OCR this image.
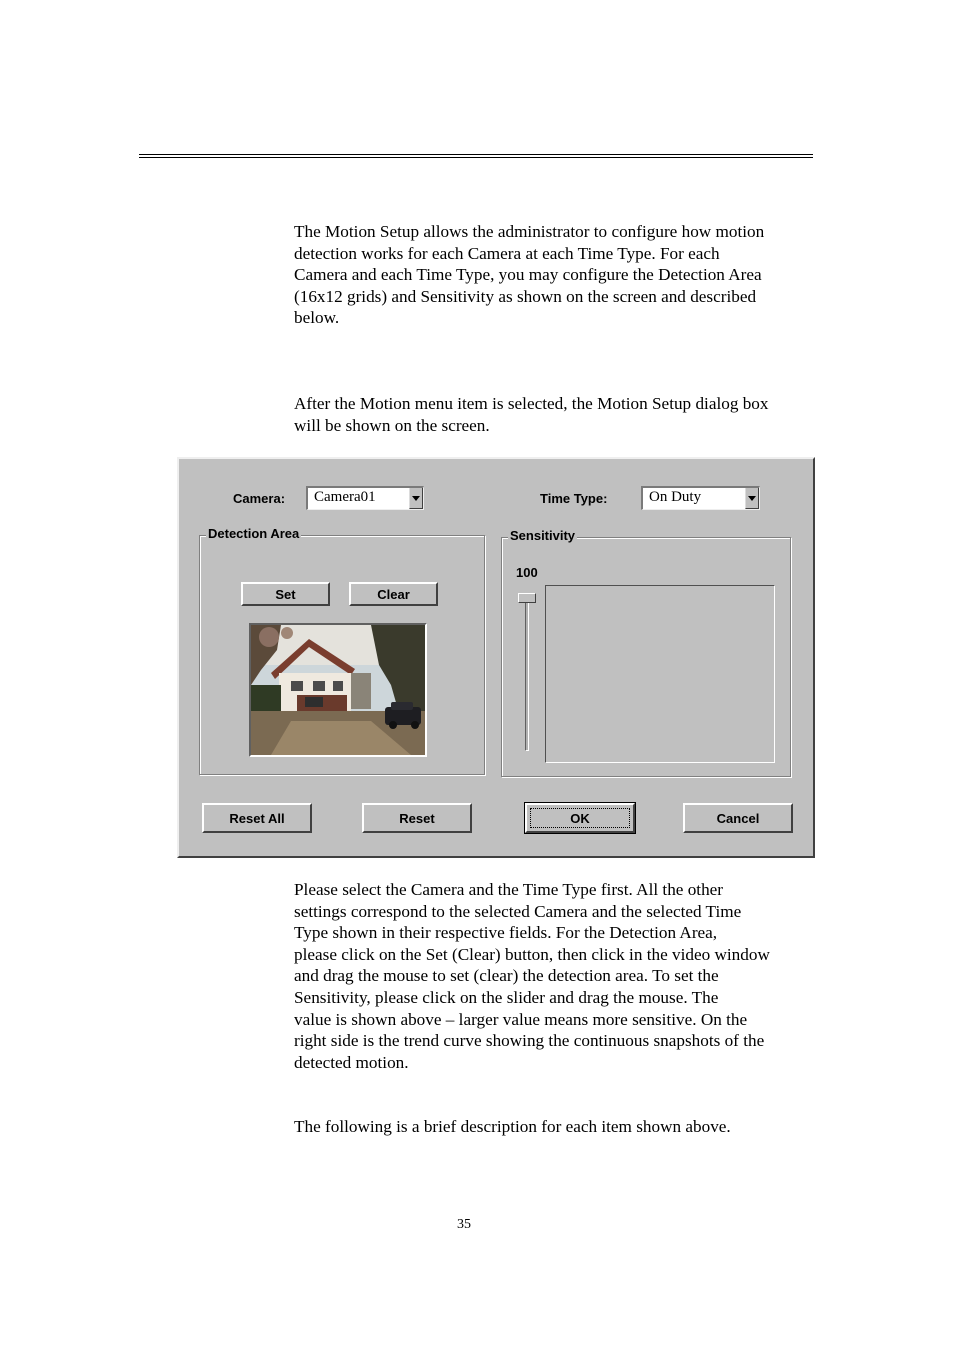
The Motion Setup allows the administrator to configure how motion
detection works for each Camera at each Time Type. For each
Camera and each Time Type, you may configure the Detection Area
(16x12 grids) and Sensitivity as shown on the screen and described
below.
After the Motion menu item is selected, the Motion Setup dialog box
will be shown on the screen.
Camera: Camera01	Time Type:	On Duty
Detection Area
Set	Clear
Sensitivity
100
Reset All	Reset	OK	Cancel
Please select the Camera and the Time Type first. All the other
settings correspond to the selected Camera and the selected Time
Type shown in their respective fields. For the Detection Area,
please click on the Set (Clear) button, then click in the video window
and drag the mouse to set (clear) the detection area. To set the
Sensitivity, please click on the slider and drag the mouse. The
value is shown above – larger value means more sensitive. On the
right side is the trend curve showing the continuous snapshots of the
detected motion.
The following is a brief description for each item shown above.
35
